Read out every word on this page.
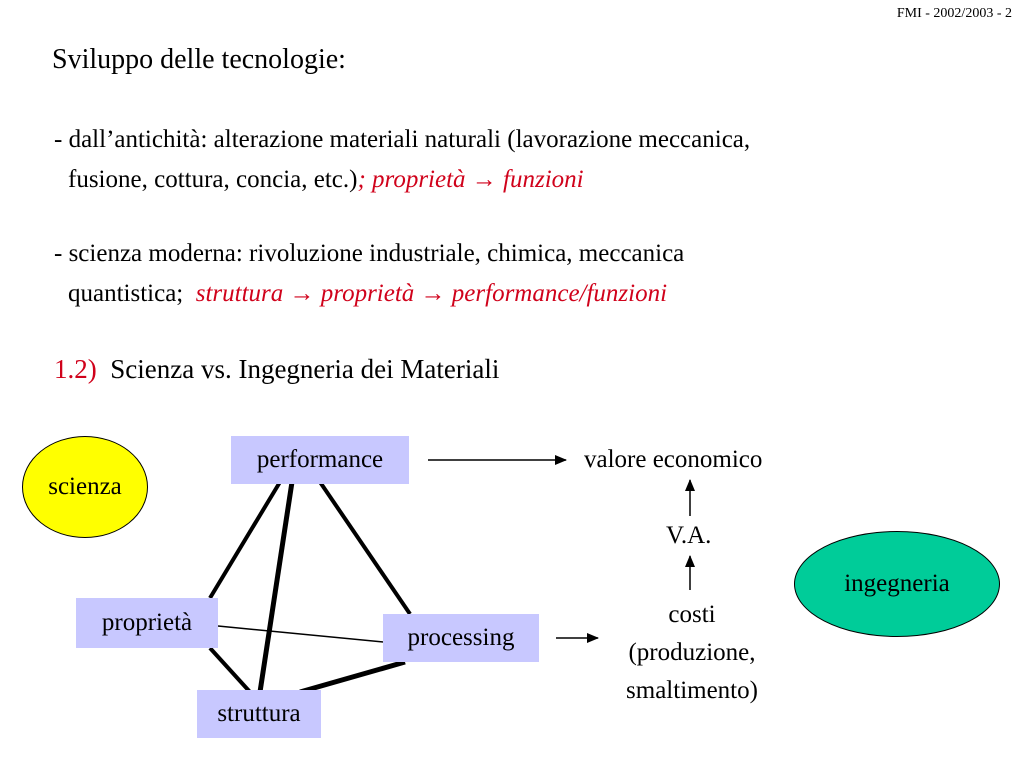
FMI - 2002/2003 - 2
Sviluppo delle tecnologie:
- dall’antichità: alterazione materiali naturali (lavorazione meccanica,
fusione, cottura, concia, etc.); proprietà → funzioni
- scienza moderna: rivoluzione industriale, chimica, meccanica
quantistica; struttura → proprietà → performance/funzioni
1.2) Scienza vs. Ingegneria dei Materiali
scienza
ingegneria
performance
proprietà
processing
struttura
valore economico
V.A.
costi
(produzione,
smaltimento)
